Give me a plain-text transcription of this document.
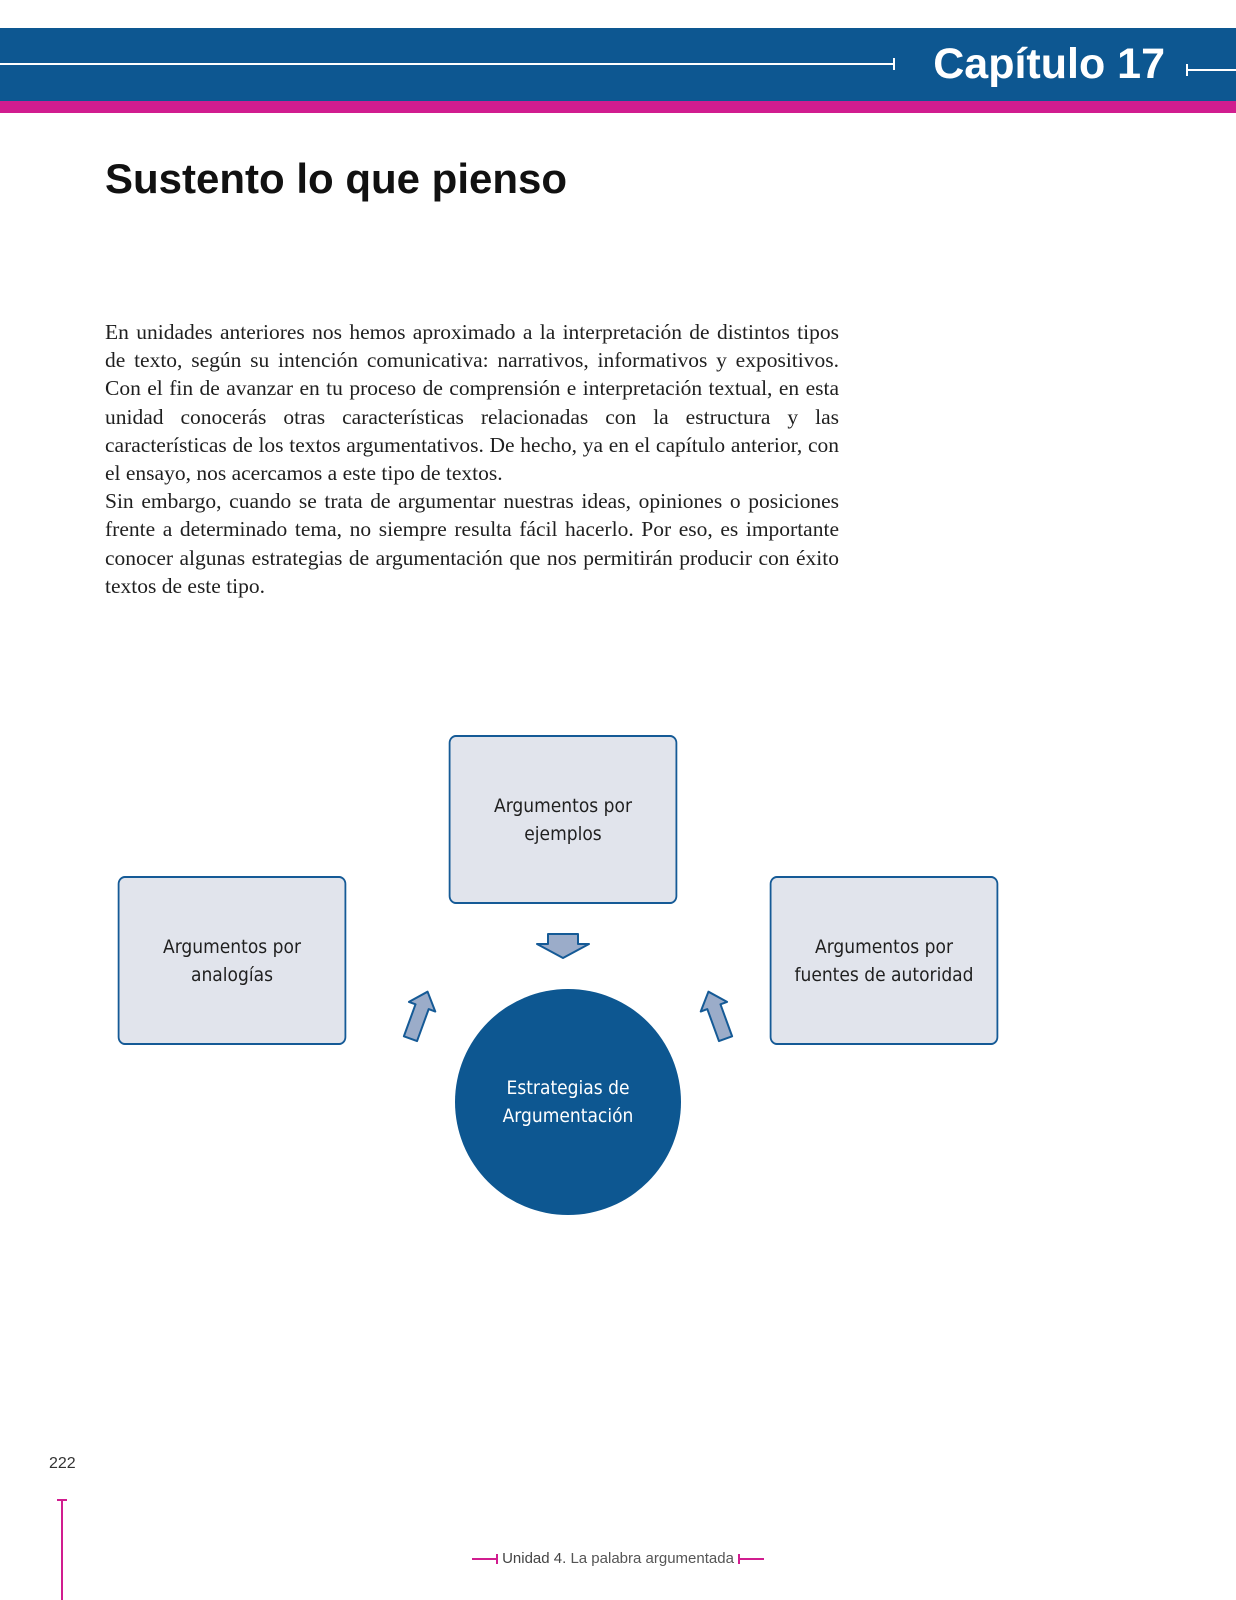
Capítulo 17
Sustento lo que pienso

En unidades anteriores nos hemos aproximado a la interpretación de distintos tipos de texto, según su intención comunicativa: narrativos, informativos y expositivos. Con el fin de avanzar en tu proceso de comprensión e interpretación textual, en esta unidad conocerás otras características relacionadas con la estructura y las características de los textos argumentativos. De hecho, ya en el capítulo anterior, con el ensayo, nos acercamos a este tipo de textos.

Sin embargo, cuando se trata de argumentar nuestras ideas, opiniones o posiciones frente a determinado tema, no siempre resulta fácil hacerlo. Por eso, es importante conocer algunas estrategias de argumentación que nos permitirán producir con éxito textos de este tipo.

Argumentos por ejemplos
Argumentos por analogías
Argumentos por fuentes de autoridad
Estrategias de Argumentación
222
Unidad 4. La palabra argumentada
